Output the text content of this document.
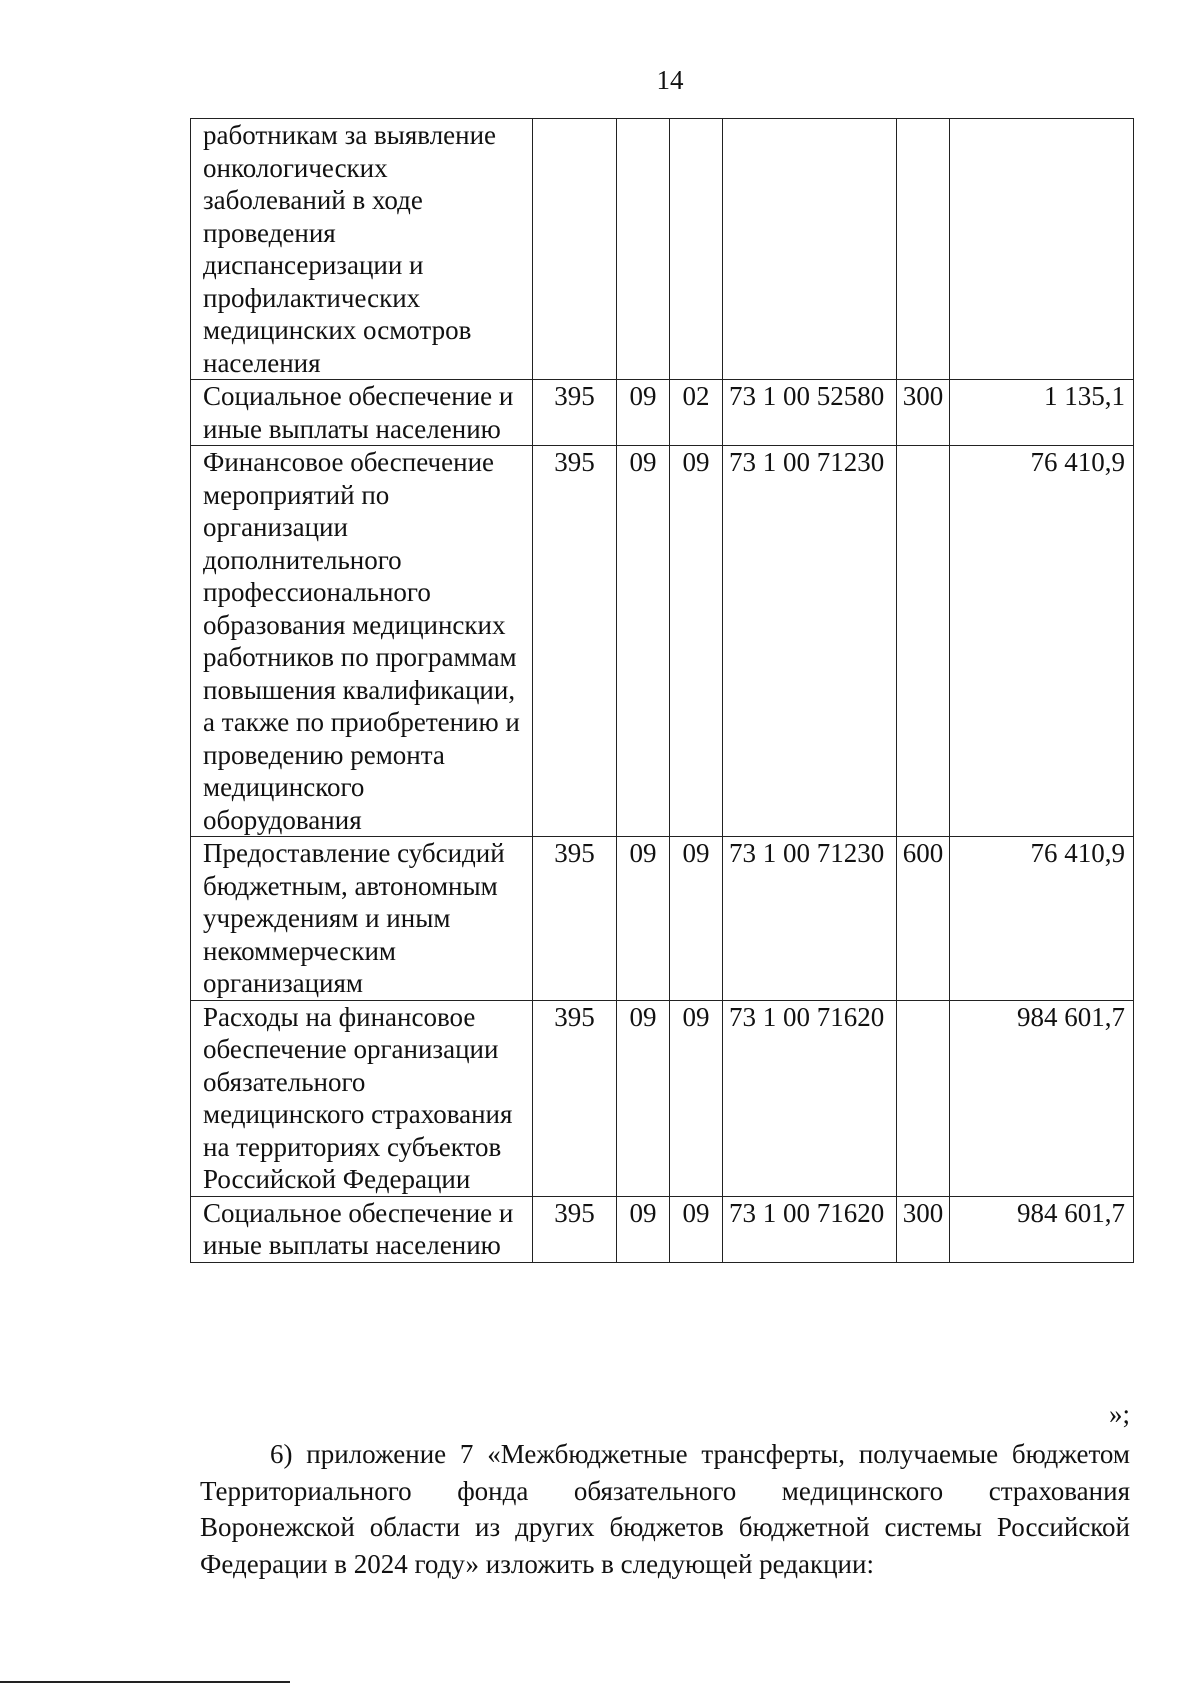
14
работникам за выявление онкологических заболеваний в ходе проведения диспансеризации и профилактических медицинских осмотров населения						
Социальное обеспечение и иные выплаты населению	395	09	02	73 1 00 52580	300	1 135,1
Финансовое обеспечение мероприятий по организации дополнительного профессионального образования медицинских работников по программам повышения квалификации, а также по приобретению и проведению ремонта медицинского оборудования	395	09	09	73 1 00 71230		76 410,9
Предоставление субсидий бюджетным, автономным учреждениям и иным некоммерческим организациям	395	09	09	73 1 00 71230	600	76 410,9
Расходы на финансовое обеспечение организации обязательного медицинского страхования на территориях субъектов Российской Федерации	395	09	09	73 1 00 71620		984 601,7
Социальное обеспечение и иные выплаты населению	395	09	09	73 1 00 71620	300	984 601,7
»;

6) приложение 7 «Межбюджетные трансферты, получаемые бюджетом Территориального фонда обязательного медицинского страхования Воронежской области из других бюджетов бюджетной системы Российской Федерации в 2024 году» изложить в следующей редакции:
